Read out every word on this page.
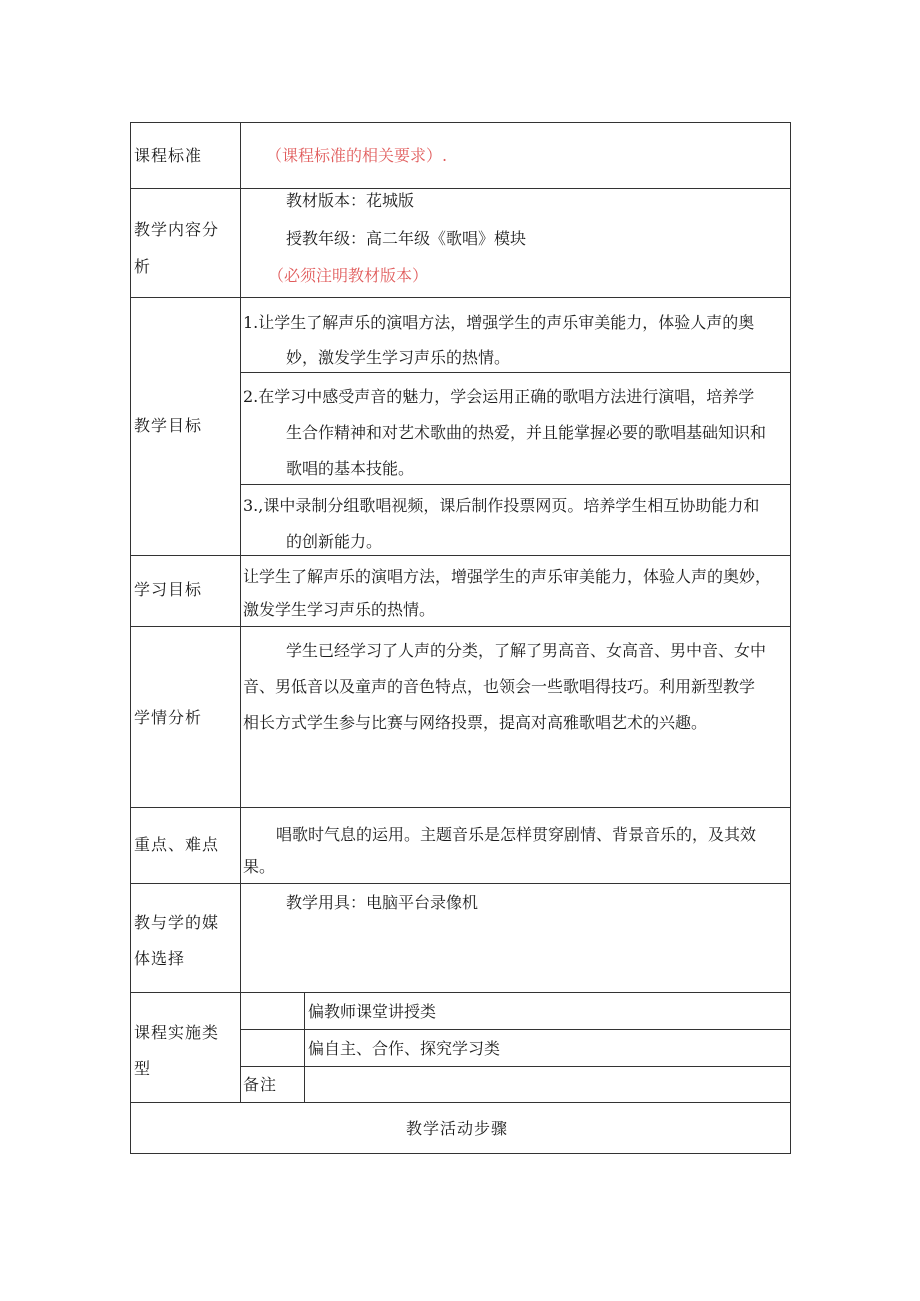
课程标准	（课程标准的相关要求）.
教学内容分
析
教材版本：花城版
授教年级：高二年级《歌唱》模块
（必须注明教材版本）
教学目标
1.让学生了解声乐的演唱方法，增强学生的声乐审美能力，体验人声的奥
妙，激发学生学习声乐的热情。
2.在学习中感受声音的魅力，学会运用正确的歌唱方法进行演唱，培养学
生合作精神和对艺术歌曲的热爱，并且能掌握必要的歌唱基础知识和
歌唱的基本技能。
3.,课中录制分组歌唱视频，课后制作投票网页。培养学生相互协助能力和
的创新能力。
学习目标
让学生了解声乐的演唱方法，增强学生的声乐审美能力，体验人声的奥妙，
激发学生学习声乐的热情。
学情分析
学生已经学习了人声的分类，了解了男高音、女高音、男中音、女中
音、男低音以及童声的音色特点，也领会一些歌唱得技巧。利用新型教学
相长方式学生参与比赛与网络投票，提高对高雅歌唱艺术的兴趣。
重点、难点
唱歌时气息的运用。主题音乐是怎样贯穿剧情、背景音乐的，及其效
果。
教与学的媒
体选择
教学用具：电脑平台录像机
课程实施类
型
偏教师课堂讲授类
偏自主、合作、探究学习类
备注
教学活动步骤
